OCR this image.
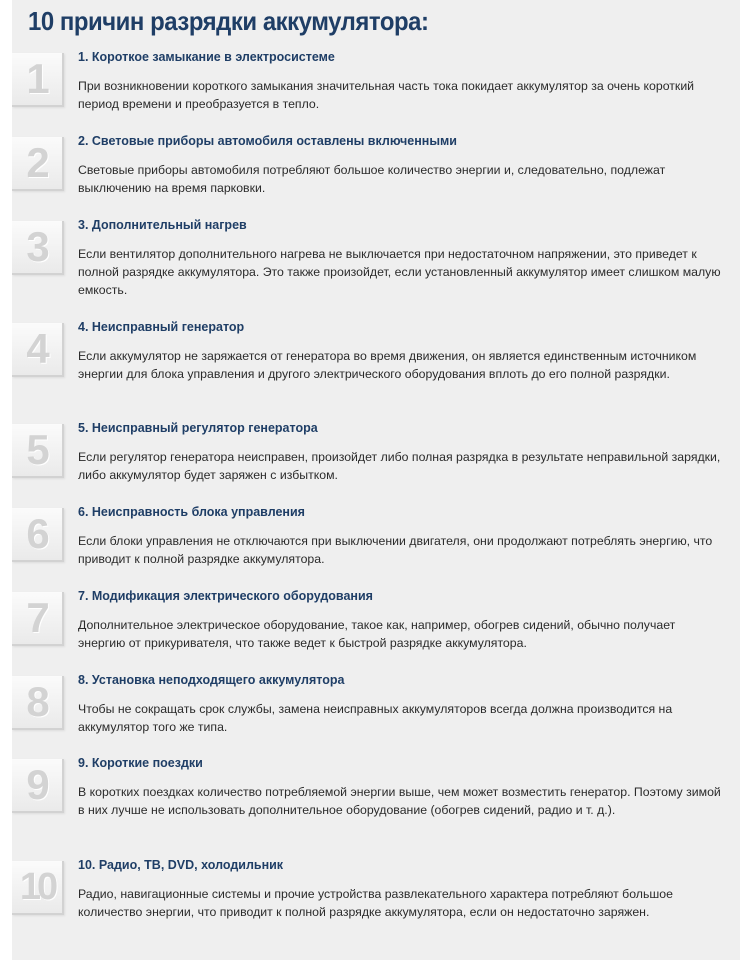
10 причин разрядки аккумулятора:
1	1. Короткое замыкание в электросистеме

При возникновении короткого замыкания значительная часть тока покидает аккумулятор за очень короткий период времени и преобразуется в тепло.

2	2. Световые приборы автомобиля оставлены включенными

Световые приборы автомобиля потребляют большое количество энергии и, следовательно, подлежат выключению на время парковки.

3	3. Дополнительный нагрев

Если вентилятор дополнительного нагрева не выключается при недостаточном напряжении, это приведет к полной разрядке аккумулятора. Это также произойдет, если установленный аккумулятор имеет слишком малую емкость.

4	4. Неисправный генератор

Если аккумулятор не заряжается от генератора во время движения, он является единственным источником энергии для блока управления и другого электрического оборудования вплоть до его полной разрядки.

5	5. Неисправный регулятор генератора

Если регулятор генератора неисправен, произойдет либо полная разрядка в результате неправильной зарядки, либо аккумулятор будет заряжен с избытком.

6	6. Неисправность блока управления

Если блоки управления не отключаются при выключении двигателя, они продолжают потреблять энергию, что приводит к полной разрядке аккумулятора.

7	7. Модификация электрического оборудования

Дополнительное электрическое оборудование, такое как, например, обогрев сидений, обычно получает энергию от прикуривателя, что также ведет к быстрой разрядке аккумулятора.

8	8. Установка неподходящего аккумулятора

Чтобы не сокращать срок службы, замена неисправных аккумуляторов всегда должна производится на аккумулятор того же типа.

9	9. Короткие поездки

В коротких поездках количество потребляемой энергии выше, чем может возместить генератор. Поэтому зимой в них лучше не использовать дополнительное оборудование (обогрев сидений, радио и т. д.).

10
10. Радио, ТВ, DVD, холодильник

Радио, навигационные системы и прочие устройства развлекательного характера потребляют большое количество энергии, что приводит к полной разрядке аккумулятора, если он недостаточно заряжен.
